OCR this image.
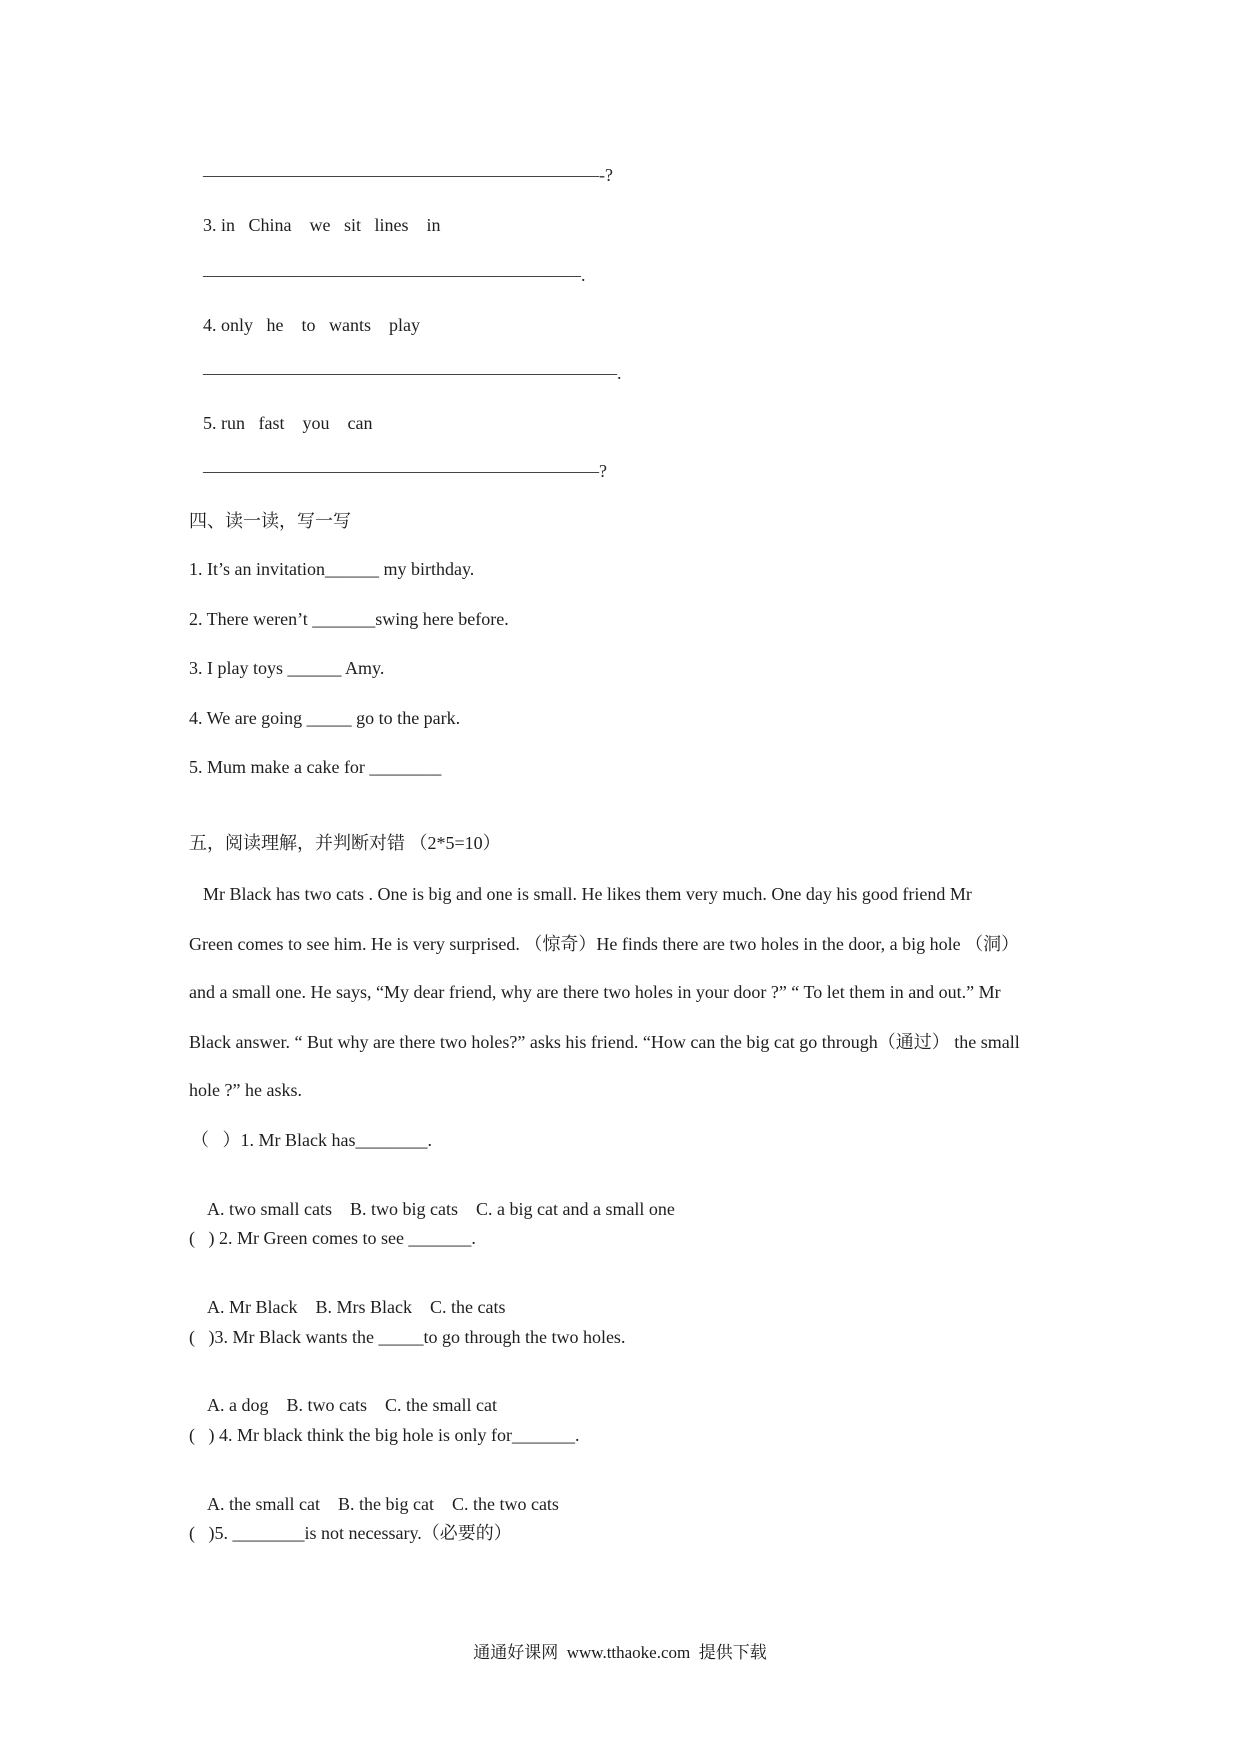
——————————————————————-?
3. in   China    we   sit   lines    in
—————————————————————.
4. only   he    to   wants    play
———————————————————————.
5. run   fast    you    can
——————————————————————?
四、读一读，写一写
1. It’s an invitation______ my birthday.
2. There weren’t _______swing here before.
3. I play toys ______ Amy.
4. We are going _____ go to the park.
5. Mum make a cake for ________
五，阅读理解，并判断对错 （2*5=10）
Mr Black has two cats . One is big and one is small. He likes them very much. One day his good friend Mr
Green comes to see him. He is very surprised. （惊奇）He finds there are two holes in the door, a big hole （洞）
and a small one. He says, “My dear friend, why are there two holes in your door ?” “ To let them in and out.” Mr
Black answer. “ But why are there two holes?” asks his friend. “How can the big cat go through（通过） the small
hole ?” he asks.
（   ）1. Mr Black has________.

A. two small cats B. two big cats C. a big cat and a small one

(   ) 2. Mr Green comes to see _______.

A. Mr Black B. Mrs Black C. the cats

(   )3. Mr Black wants the _____to go through the two holes.

A. a dog B. two cats C. the small cat

(   ) 4. Mr black think the big hole is only for_______.

A. the small cat B. the big cat C. the two cats

(   )5. ________is not necessary.（必要的）
通通好课网  www.tthaoke.com  提供下载
